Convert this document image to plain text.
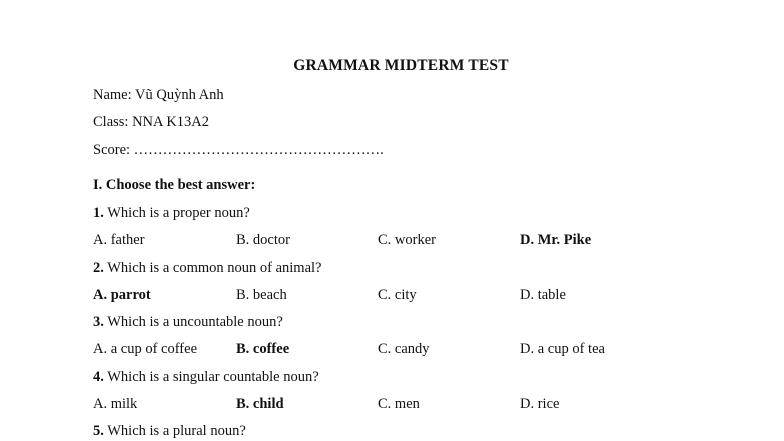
GRAMMAR MIDTERM TEST
Name: Vũ Quỳnh Anh
Class: NNA K13A2
Score: …………………………………………….
I. Choose the best answer:
1. Which is a proper noun?
A. father	B. doctor	C. worker	D. Mr. Pike
2. Which is a common noun of animal?
A. parrot	B. beach	C. city	D. table
3. Which is a uncountable noun?
A. a cup of coffee	B. coffee	C. candy	D. a cup of tea
4. Which is a singular countable noun?
A. milk	B. child	C. men	D. rice
5. Which is a plural noun?
